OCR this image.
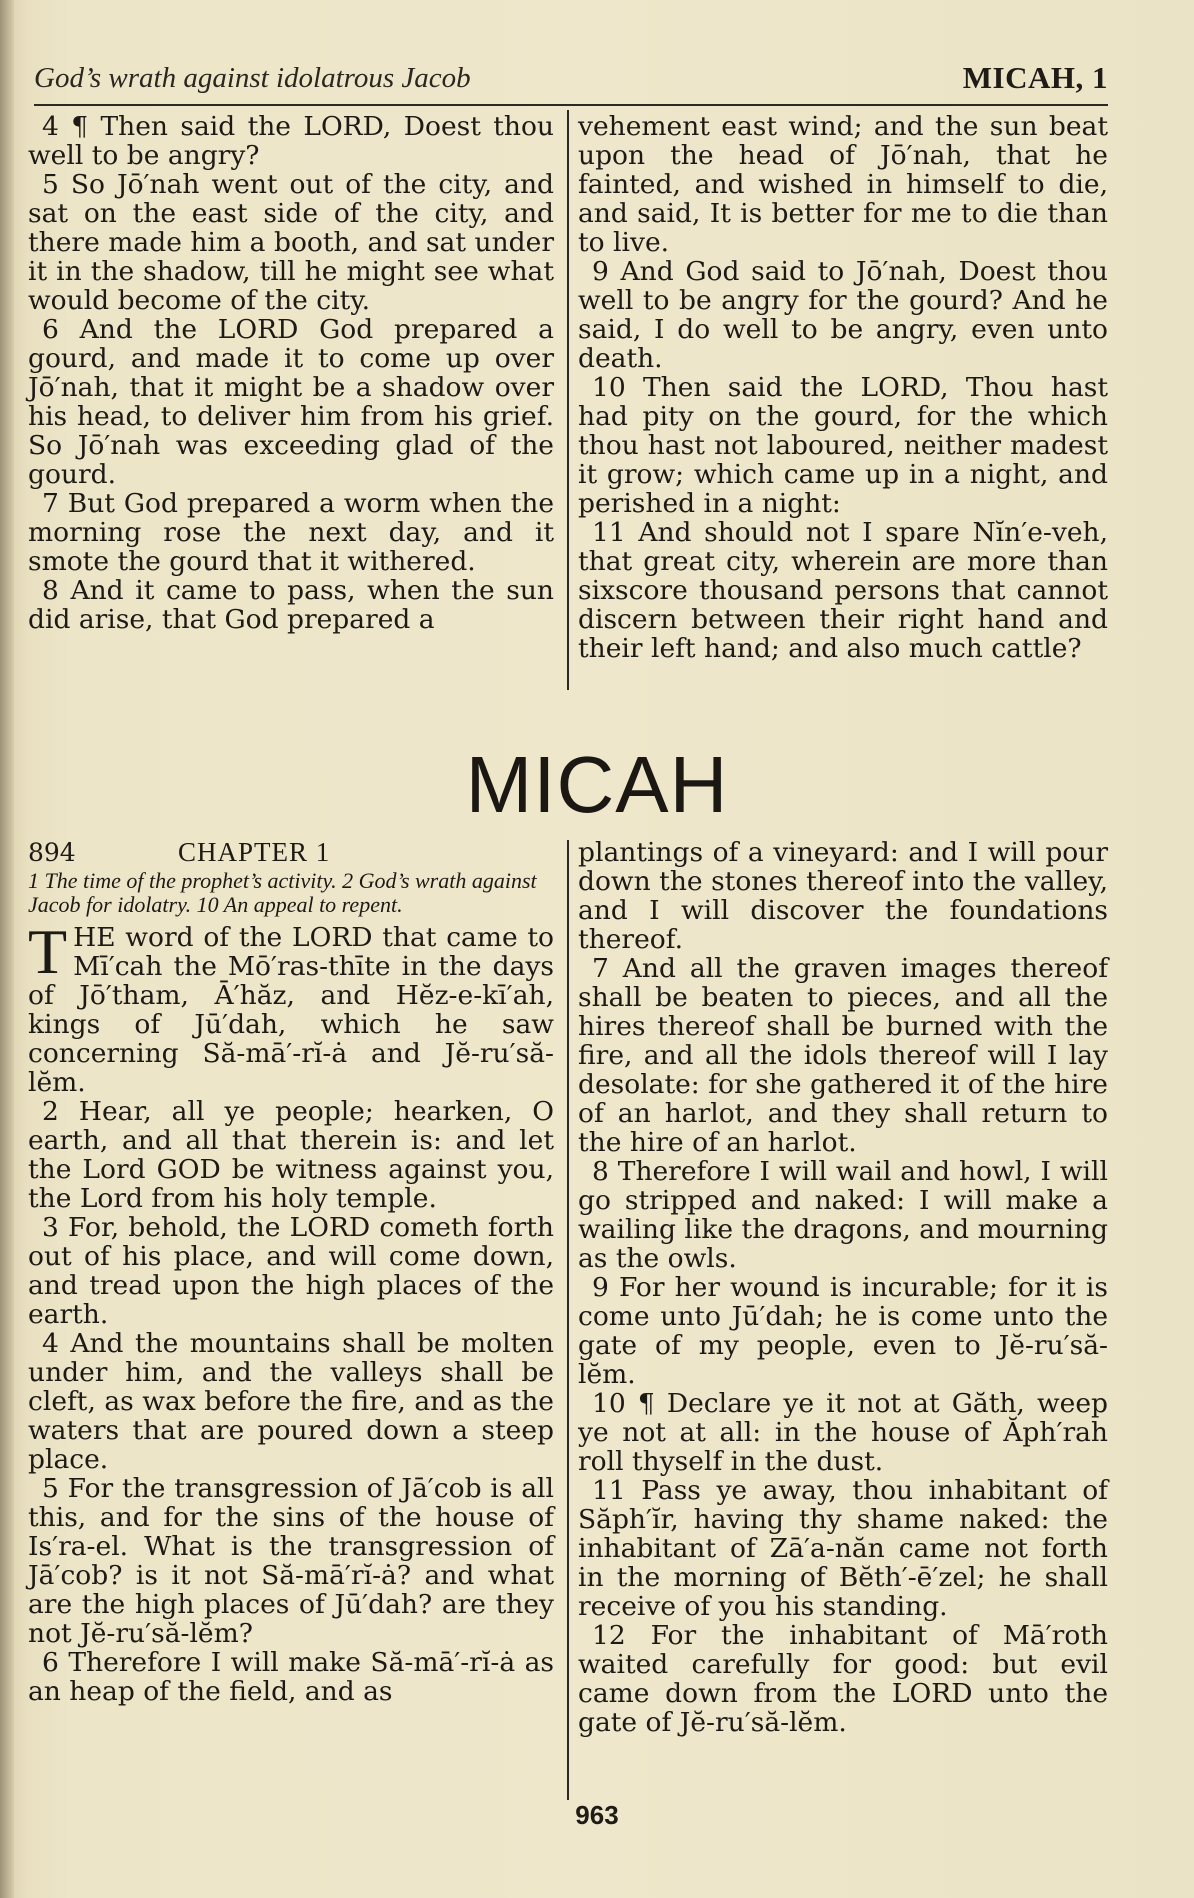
God’s wrath against idolatrous Jacob	MICAH, 1

4 ¶ Then said the LORD, Doest thou well to be angry?

5 So Jō′nah went out of the city, and sat on the east side of the city, and there made him a booth, and sat under it in the shadow, till he might see what would become of the city.

6 And the LORD God prepared a gourd, and made it to come up over Jō′nah, that it might be a shadow over his head, to deliver him from his grief. So Jō′nah was exceeding glad of the gourd.

7 But God prepared a worm when the morning rose the next day, and it smote the gourd that it withered.

8 And it came to pass, when the sun did arise, that God prepared a

vehement east wind; and the sun beat upon the head of Jō′nah, that he fainted, and wished in himself to die, and said, It is better for me to die than to live.

9 And God said to Jō′nah, Doest thou well to be angry for the gourd? And he said, I do well to be angry, even unto death.

10 Then said the LORD, Thou hast had pity on the gourd, for the which thou hast not laboured, neither madest it grow; which came up in a night, and perished in a night:

11 And should not I spare Nĭn′e-veh, that great city, wherein are more than sixscore thousand persons that cannot discern between their right hand and their left hand; and also much cattle?

MICAH
894	CHAPTER 1
1 The time of the prophet’s activity. 2 God’s wrath against Jacob for idolatry. 10 An appeal to repent.

THE word of the LORD that came to Mī′cah the Mō′ras-thīte in the days of Jō′tham, Ā′hăz, and Hĕz-e-kī′ah, kings of Jū′dah, which he saw concerning Să-mā′-rĭ-ȧ and Jĕ-ru′să-lĕm.

2 Hear, all ye people; hearken, O earth, and all that therein is: and let the Lord GOD be witness against you, the Lord from his holy temple.

3 For, behold, the LORD cometh forth out of his place, and will come down, and tread upon the high places of the earth.

4 And the mountains shall be molten under him, and the valleys shall be cleft, as wax before the fire, and as the waters that are poured down a steep place.

5 For the transgression of Jā′cob is all this, and for the sins of the house of Is′ra-el. What is the transgression of Jā′cob? is it not Să-mā′rĭ-ȧ? and what are the high places of Jū′dah? are they not Jĕ-ru′să-lĕm?

6 Therefore I will make Să-mā′-rĭ-ȧ as an heap of the field, and as

plantings of a vineyard: and I will pour down the stones thereof into the valley, and I will discover the foundations thereof.

7 And all the graven images thereof shall be beaten to pieces, and all the hires thereof shall be burned with the fire, and all the idols thereof will I lay desolate: for she gathered it of the hire of an harlot, and they shall return to the hire of an harlot.

8 Therefore I will wail and howl, I will go stripped and naked: I will make a wailing like the dragons, and mourning as the owls.

9 For her wound is incurable; for it is come unto Jū′dah; he is come unto the gate of my people, even to Jĕ-ru′să-lĕm.

10 ¶ Declare ye it not at Găth, weep ye not at all: in the house of Ăph′rah roll thyself in the dust.

11 Pass ye away, thou inhabitant of Săph′ĭr, having thy shame naked: the inhabitant of Zā′a-năn came not forth in the morning of Bĕth′-ē′zel; he shall receive of you his standing.

12 For the inhabitant of Mā′roth waited carefully for good: but evil came down from the LORD unto the gate of Jĕ-ru′să-lĕm.

963
